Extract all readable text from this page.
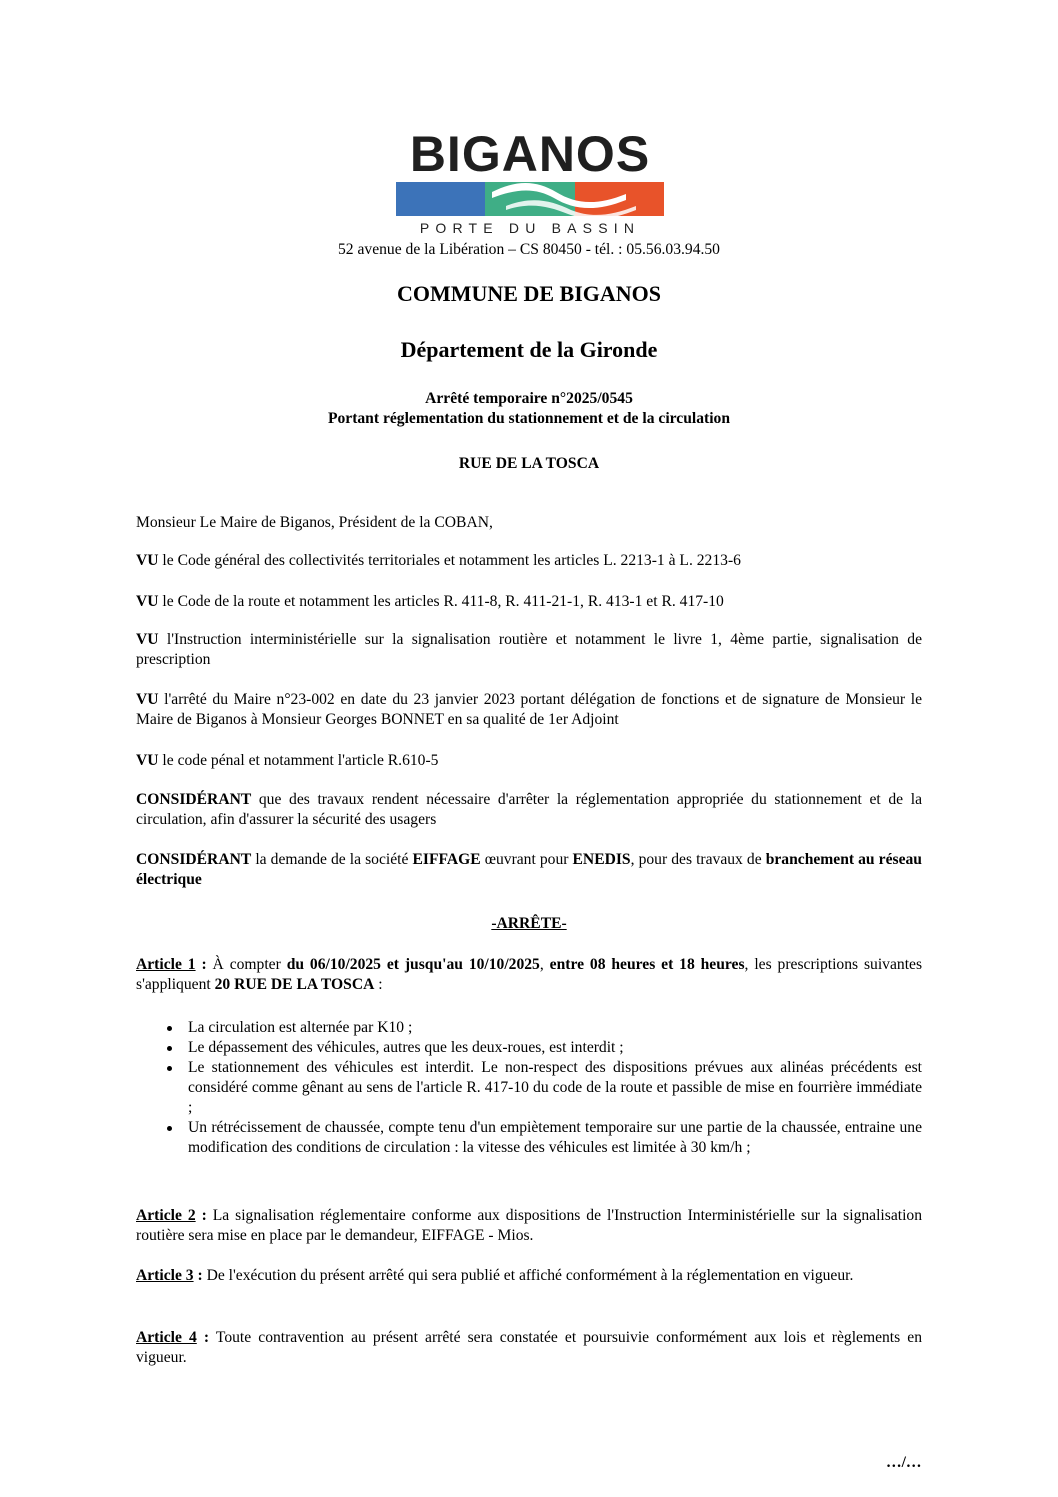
BIGANOS
PORTE DU BASSIN
52 avenue de la Libération – CS 80450 - tél. : 05.56.03.94.50
COMMUNE DE BIGANOS
Département de la Gironde
Arrêté temporaire n°2025/0545
Portant réglementation du stationnement et de la circulation
RUE DE LA TOSCA
Monsieur Le Maire de Biganos, Président de la COBAN,
VU le Code général des collectivités territoriales et notamment les articles L. 2213-1 à L. 2213-6
VU le Code de la route et notamment les articles R. 411-8, R. 411-21-1, R. 413-1 et R. 417-10
VU l'Instruction interministérielle sur la signalisation routière et notamment le livre 1, 4ème partie, signalisation de prescription
VU l'arrêté du Maire n°23-002 en date du 23 janvier 2023 portant délégation de fonctions et de signature de Monsieur le Maire de Biganos à Monsieur Georges BONNET en sa qualité de 1er Adjoint
VU le code pénal et notamment l'article R.610-5
CONSIDÉRANT que des travaux rendent nécessaire d'arrêter la réglementation appropriée du stationnement et de la circulation, afin d'assurer la sécurité des usagers
CONSIDÉRANT la demande de la société EIFFAGE œuvrant pour ENEDIS, pour des travaux de branchement au réseau électrique
-ARRÊTE-
Article 1 : À compter du 06/10/2025 et jusqu'au 10/10/2025, entre 08 heures et 18 heures, les prescriptions suivantes s'appliquent 20 RUE DE LA TOSCA :
La circulation est alternée par K10 ;
Le dépassement des véhicules, autres que les deux-roues, est interdit ;
Le stationnement des véhicules est interdit. Le non-respect des dispositions prévues aux alinéas précédents est considéré comme gênant au sens de l'article R. 417-10 du code de la route et passible de mise en fourrière immédiate ;
Un rétrécissement de chaussée, compte tenu d'un empiètement temporaire sur une partie de la chaussée, entraine une modification des conditions de circulation : la vitesse des véhicules est limitée à 30 km/h ;
Article 2 : La signalisation réglementaire conforme aux dispositions de l'Instruction Interministérielle sur la signalisation routière sera mise en place par le demandeur, EIFFAGE - Mios.
Article 3 : De l'exécution du présent arrêté qui sera publié et affiché conformément à la réglementation en vigueur.
Article 4 : Toute contravention au présent arrêté sera constatée et poursuivie conformément aux lois et règlements en vigueur.
…/…
